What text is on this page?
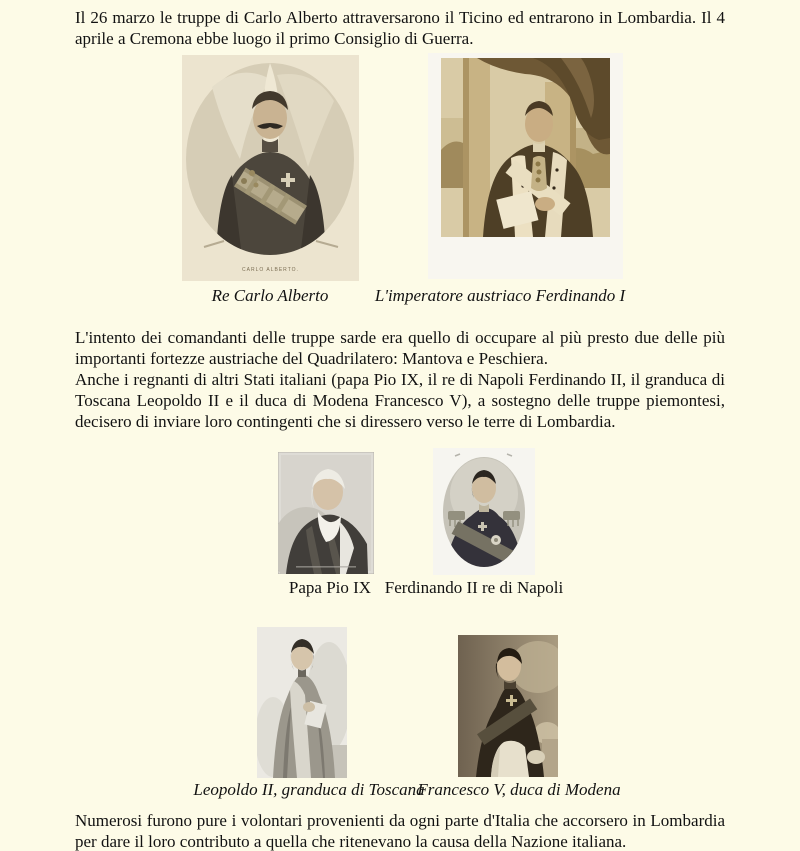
Il 26 marzo le truppe di Carlo Alberto attraversarono il Ticino ed entrarono in Lombardia. Il 4 aprile a Cremona ebbe luogo il primo Consiglio di Guerra.

CARLO ALBERTO.
Re Carlo Alberto	L'imperatore austriaco Ferdinando I

L'intento dei comandanti delle truppe sarde era quello di occupare al più presto due delle più importanti fortezze austriache del Quadrilatero: Mantova e Peschiera.

Anche i regnanti di altri Stati italiani (papa Pio IX, il re di Napoli Ferdinando II, il granduca di Toscana Leopoldo II e il duca di Modena Francesco V), a sostegno delle truppe piemontesi, decisero di inviare loro contingenti che si diressero verso le terre di Lombardia.

Papa Pio IX Ferdinando II re di Napoli
Leopoldo II, granduca di Toscana
Francesco V, duca di Modena

Numerosi furono pure i volontari provenienti da ogni parte d'Italia che accorsero in Lombardia per dare il loro contributo a quella che ritenevano la causa della Nazione italiana.
